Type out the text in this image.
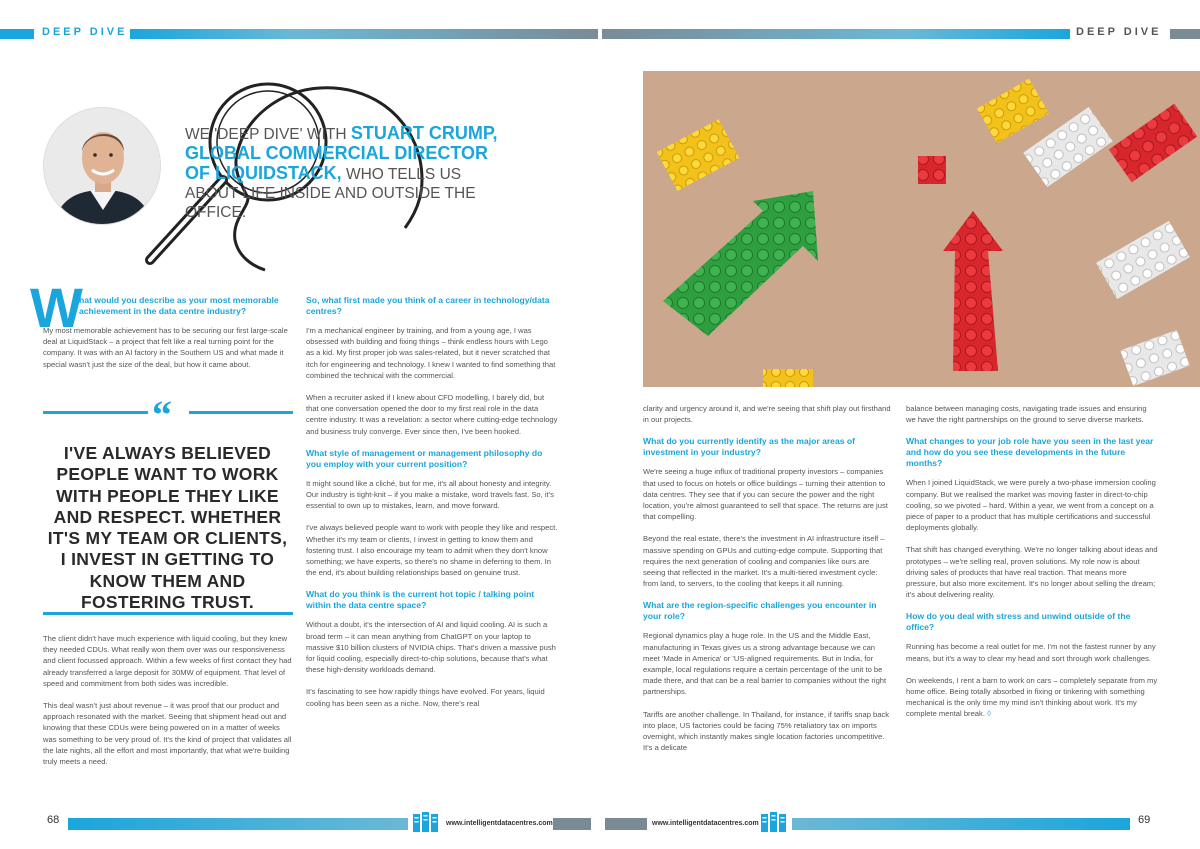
DEEP DIVE	DEEP DIVE
WE 'DEEP DIVE' WITH STUART CRUMP, GLOBAL COMMERCIAL DIRECTOR OF LIQUIDSTACK, WHO TELLS US ABOUT LIFE INSIDE AND OUTSIDE THE OFFICE.
W
hat would you describe as your most memorable achievement in the data centre industry?

My most memorable achievement has to be securing our first large-scale deal at LiquidStack – a project that felt like a real turning point for the company. It was with an AI factory in the Southern US and what made it special wasn't just the size of the deal, but how it came about.

“
I'VE ALWAYS BELIEVED PEOPLE WANT TO WORK WITH PEOPLE THEY LIKE AND RESPECT. WHETHER IT'S MY TEAM OR CLIENTS, I INVEST IN GETTING TO KNOW THEM AND FOSTERING TRUST.

The client didn't have much experience with liquid cooling, but they knew they needed CDUs. What really won them over was our responsiveness and client focussed approach. Within a few weeks of first contact they had already transferred a large deposit for 30MW of equipment. That level of speed and commitment from both sides was incredible.

This deal wasn't just about revenue – it was proof that our product and approach resonated with the market. Seeing that shipment head out and knowing that these CDUs were being powered on in a matter of weeks was something to be very proud of. It's the kind of project that validates all the late nights, all the effort and most importantly, that what we're building truly meets a need.

So, what first made you think of a career in technology/data centres?

I'm a mechanical engineer by training, and from a young age, I was obsessed with building and fixing things – think endless hours with Lego as a kid. My first proper job was sales-related, but it never scratched that itch for engineering and technology. I knew I wanted to find something that combined the technical with the commercial.

When a recruiter asked if I knew about CFD modelling, I barely did, but that one conversation opened the door to my first real role in the data centre industry. It was a revelation: a sector where cutting-edge technology and business truly converge. Ever since then, I've been hooked.

What style of management or management philosophy do you employ with your current position?

It might sound like a cliché, but for me, it's all about honesty and integrity. Our industry is tight-knit – if you make a mistake, word travels fast. So, it's essential to own up to mistakes, learn, and move forward.

I've always believed people want to work with people they like and respect. Whether it's my team or clients, I invest in getting to know them and fostering trust. I also encourage my team to admit when they don't know something; we have experts, so there's no shame in deferring to them. In the end, it's about building relationships based on genuine trust.

What do you think is the current hot topic / talking point within the data centre space?

Without a doubt, it's the intersection of AI and liquid cooling. AI is such a broad term – it can mean anything from ChatGPT on your laptop to massive $10 billion clusters of NVIDIA chips. That's driven a massive push for liquid cooling, especially direct-to-chip solutions, because that's what these high-density workloads demand.

It's fascinating to see how rapidly things have evolved. For years, liquid cooling has been seen as a niche. Now, there's real

clarity and urgency around it, and we're seeing that shift play out firsthand in our projects.

What do you currently identify as the major areas of investment in your industry?

We're seeing a huge influx of traditional property investors – companies that used to focus on hotels or office buildings – turning their attention to data centres. They see that if you can secure the power and the right location, you're almost guaranteed to sell that space. The returns are just that compelling.

Beyond the real estate, there's the investment in AI infrastructure itself – massive spending on GPUs and cutting-edge compute. Supporting that requires the next generation of cooling and companies like ours are seeing that reflected in the market. It's a multi-tiered investment cycle: from land, to servers, to the cooling that keeps it all running.

What are the region-specific challenges you encounter in your role?

Regional dynamics play a huge role. In the US and the Middle East, manufacturing in Texas gives us a strong advantage because we can meet 'Made in America' or 'US-aligned requirements. But in India, for example, local regulations require a certain percentage of the unit to be made there, and that can be a real barrier to companies without the right partnerships.

Tariffs are another challenge. In Thailand, for instance, if tariffs snap back into place, US factories could be facing 75% retaliatory tax on imports overnight, which instantly makes single location factories uncompetitive. It's a delicate

balance between managing costs, navigating trade issues and ensuring we have the right partnerships on the ground to serve diverse markets.

What changes to your job role have you seen in the last year and how do you see these developments in the future months?

When I joined LiquidStack, we were purely a two-phase immersion cooling company. But we realised the market was moving faster in direct-to-chip cooling, so we pivoted – hard. Within a year, we went from a concept on a piece of paper to a product that has multiple certifications and successful deployments globally.

That shift has changed everything. We're no longer talking about ideas and prototypes – we're selling real, proven solutions. My role now is about driving sales of products that have real traction. That means more pressure, but also more excitement. It's no longer about selling the dream; it's about delivering reality.

How do you deal with stress and unwind outside of the office?

Running has become a real outlet for me. I'm not the fastest runner by any means, but it's a way to clear my head and sort through work challenges.

On weekends, I rent a barn to work on cars – completely separate from my home office. Being totally absorbed in fixing or tinkering with something mechanical is the only time my mind isn't thinking about work. It's my complete mental break. ◊

68	www.intelligentdatacentres.com	www.intelligentdatacentres.com	69
